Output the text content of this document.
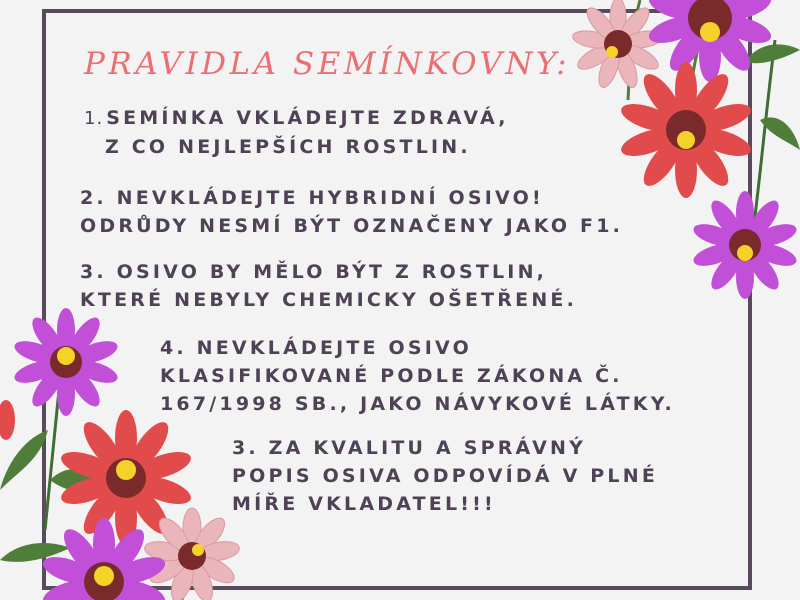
PRAVIDLA SEMÍNKOVNY:

1. SEMÍNKA VKLÁDEJTE ZDRAVÁ,
Z CO NEJLEPŠÍCH ROSTLIN.

2. NEVKLÁDEJTE HYBRIDNÍ OSIVO!
ODRŮDY NESMÍ BÝT OZNAČENY JAKO F1.

3. OSIVO BY MĚLO BÝT Z ROSTLIN,
KTERÉ NEBYLY CHEMICKY OŠETŘENÉ.

4. NEVKLÁDEJTE OSIVO
KLASIFIKOVANÉ PODLE ZÁKONA Č.
167/1998 SB., JAKO NÁVYKOVÉ LÁTKY.

3. ZA KVALITU A SPRÁVNÝ
POPIS OSIVA ODPOVÍDÁ V PLNÉ
MÍŘE VKLADATEL!!!
